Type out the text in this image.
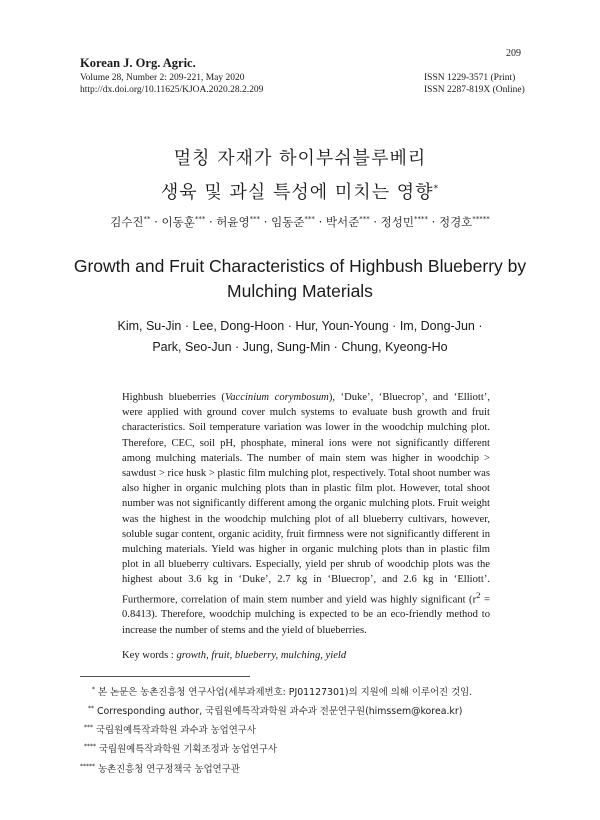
Korean J. Org. Agric.
Volume 28, Number 2: 209-221, May 2020
http://dx.doi.org/10.11625/KJOA.2020.28.2.209
209
ISSN 1229-3571 (Print)
ISSN 2287-819X (Online)
멀칭 자재가 하이부쉬블루베리
생육 및 과실 특성에 미치는 영향*
김수진** · 이동훈*** · 허윤영*** · 임동준*** · 박서준*** · 정성민**** · 정경호*****
Growth and Fruit Characteristics of Highbush Blueberry by
Mulching Materials
Kim, Su-Jin · Lee, Dong-Hoon · Hur, Youn-Young · Im, Dong-Jun ·
Park, Seo-Jun · Jung, Sung-Min · Chung, Kyeong-Ho
Highbush blueberries (Vaccinium corymbosum), ‘Duke’, ‘Bluecrop’, and ‘Elliott’, were applied with ground cover mulch systems to evaluate bush growth and fruit characteristics. Soil temperature variation was lower in the woodchip mulching plot. Therefore, CEC, soil pH, phosphate, mineral ions were not significantly different among mulching materials. The number of main stem was higher in woodchip > sawdust > rice husk > plastic film mulching plot, respectively. Total shoot number was also higher in organic mulching plots than in plastic film plot. However, total shoot number was not significantly different among the organic mulching plots. Fruit weight was the highest in the woodchip mulching plot of all blueberry cultivars, however, soluble sugar content, organic acidity, fruit firmness were not significantly different in mulching materials. Yield was higher in organic mulching plots than in plastic film plot in all blueberry cultivars. Especially, yield per shrub of woodchip plots was the highest about 3.6 kg in ‘Duke’, 2.7 kg in ‘Bluecrop’, and 2.6 kg in ‘Elliott’. Furthermore, correlation of main stem number and yield was highly significant $(r^2 = 0.8413)$. Therefore, woodchip mulching is expected to be an eco-friendly method to increase the number of stems and the yield of blueberries.
Key words : growth, fruit, blueberry, mulching, yield
* 본 논문은 농촌진흥청 연구사업(세부과제번호: PJ01127301)의 지원에 의해 이루어진 것임.
** Corresponding author, 국립원예특작과학원 과수과 전문연구원(himssem@korea.kr)
*** 국립원예특작과학원 과수과 농업연구사
**** 국립원예특작과학원 기획조정과 농업연구사
***** 농촌진흥청 연구정책국 농업연구관
